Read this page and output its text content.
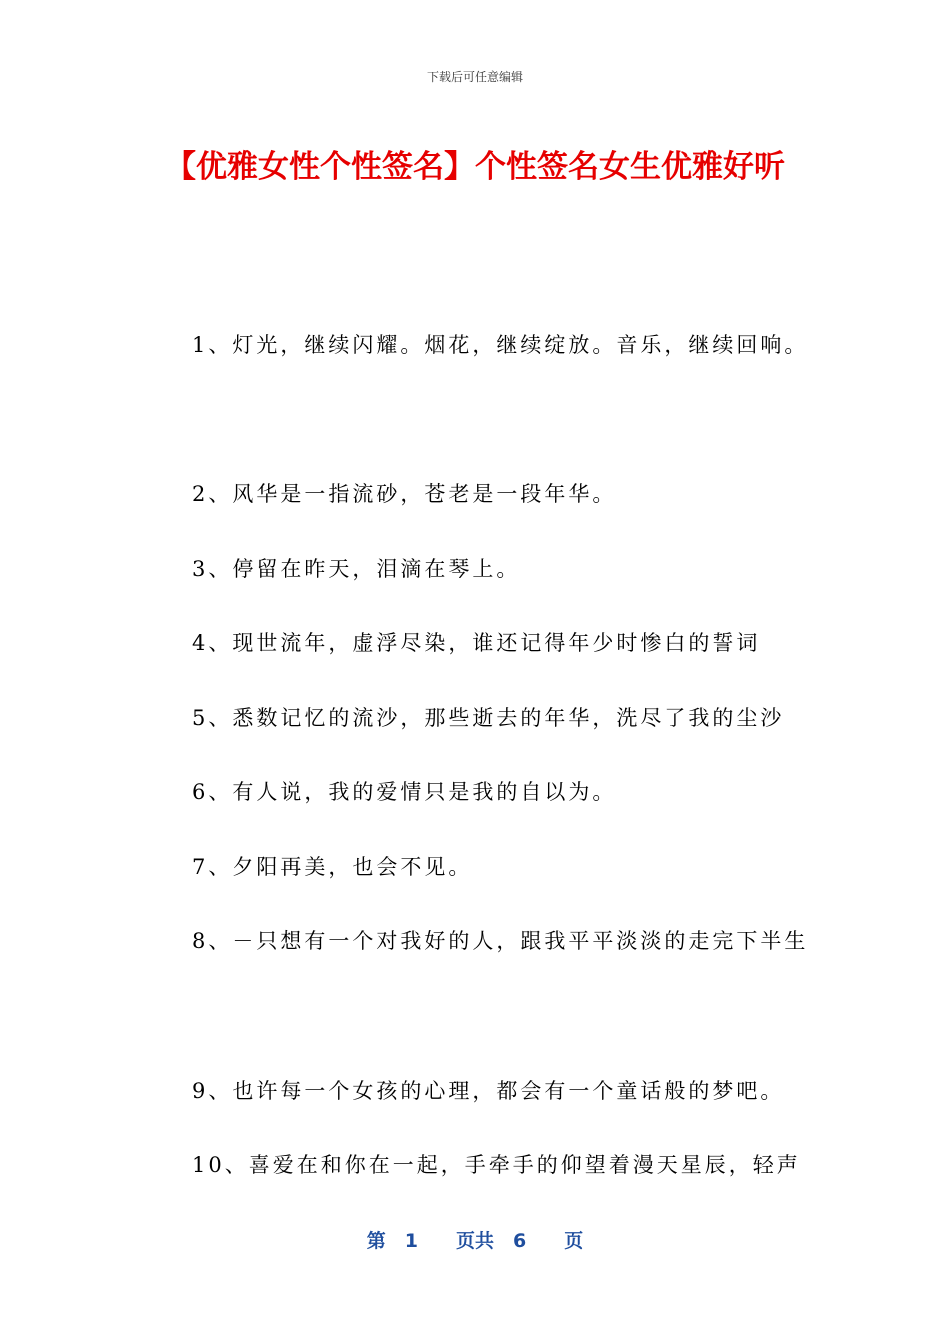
下载后可任意编辑
【优雅女性个性签名】个性签名女生优雅好听
1、灯光，继续闪耀。烟花，继续绽放。音乐，继续回响。
2、风华是一指流砂，苍老是一段年华。
3、停留在昨天，泪滴在琴上。
4、现世流年，虚浮尽染，谁还记得年少时惨白的誓词
5、悉数记忆的流沙，那些逝去的年华，洗尽了我的尘沙
6、有人说，我的爱情只是我的自以为。
7、夕阳再美，也会不见。
8、－只想有一个对我好的人，跟我平平淡淡的走完下半生
9、也许每一个女孩的心理，都会有一个童话般的梦吧。
10、喜爱在和你在一起，手牵手的仰望着漫天星辰，轻声
第　1　　页共　6　　页
